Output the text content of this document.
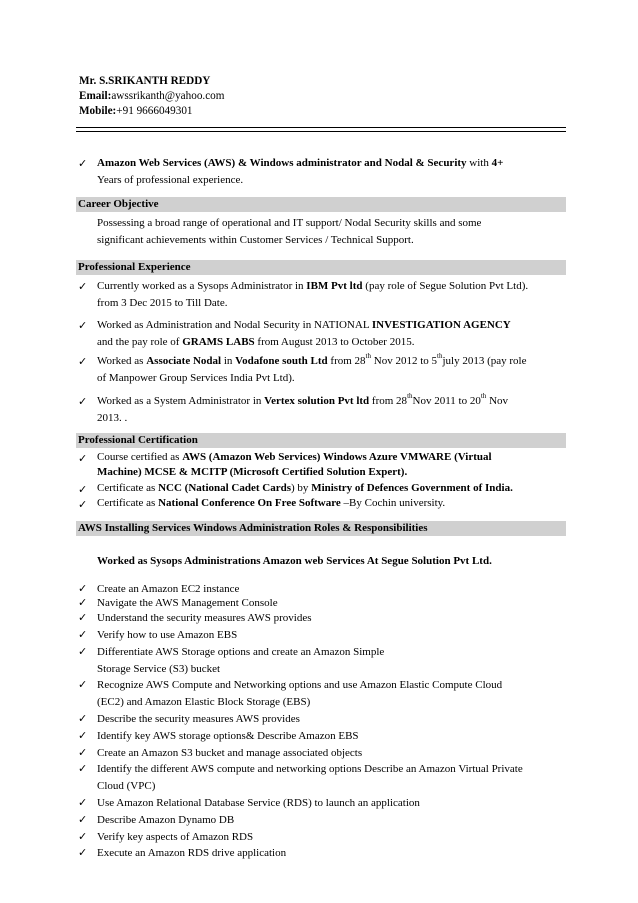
Mr. S.SRIKANTH REDDY
Email:awssrikanth@yahoo.com
Mobile:+91 9666049301
✓ Amazon Web Services (AWS) & Windows administrator and Nodal & Security with 4+
Years of professional experience.
Career Objective
Possessing a broad range of operational and IT support/ Nodal Security skills and some
significant achievements within Customer Services / Technical Support.
Professional Experience
✓ Currently worked as a Sysops Administrator in IBM Pvt ltd (pay role of Segue Solution Pvt Ltd).
from 3 Dec 2015 to Till Date.
✓ Worked as Administration and Nodal Security in NATIONAL INVESTIGATION AGENCY
and the pay role of GRAMS LABS from August 2013 to October 2015.
✓ Worked as Associate Nodal in Vodafone south Ltd from 28th Nov 2012 to 5thjuly 2013 (pay role
of Manpower Group Services India Pvt Ltd).
✓ Worked as a System Administrator in Vertex solution Pvt ltd from 28thNov 2011 to 20th Nov
2013. .
Professional Certification
✓ Course certified as AWS (Amazon Web Services) Windows Azure VMWARE (Virtual
Machine) MCSE & MCITP (Microsoft Certified Solution Expert).
✓ Certificate as NCC (National Cadet Cards) by Ministry of Defences Government of India.
✓ Certificate as National Conference On Free Software –By Cochin university.
AWS Installing Services Windows Administration Roles & Responsibilities
Worked as Sysops Administrations Amazon web Services At Segue Solution Pvt Ltd.
✓ Create an Amazon EC2 instance
✓ Navigate the AWS Management Console
✓ Understand the security measures AWS provides
✓ Verify how to use Amazon EBS
✓ Differentiate AWS Storage options and create an Amazon Simple
Storage Service (S3) bucket
✓ Recognize AWS Compute and Networking options and use Amazon Elastic Compute Cloud
(EC2) and Amazon Elastic Block Storage (EBS)
✓ Describe the security measures AWS provides
✓ Identify key AWS storage options& Describe Amazon EBS
✓ Create an Amazon S3 bucket and manage associated objects
✓ Identify the different AWS compute and networking options Describe an Amazon Virtual Private
Cloud (VPC)
✓ Use Amazon Relational Database Service (RDS) to launch an application
✓ Describe Amazon Dynamo DB
✓ Verify key aspects of Amazon RDS
✓ Execute an Amazon RDS drive application
